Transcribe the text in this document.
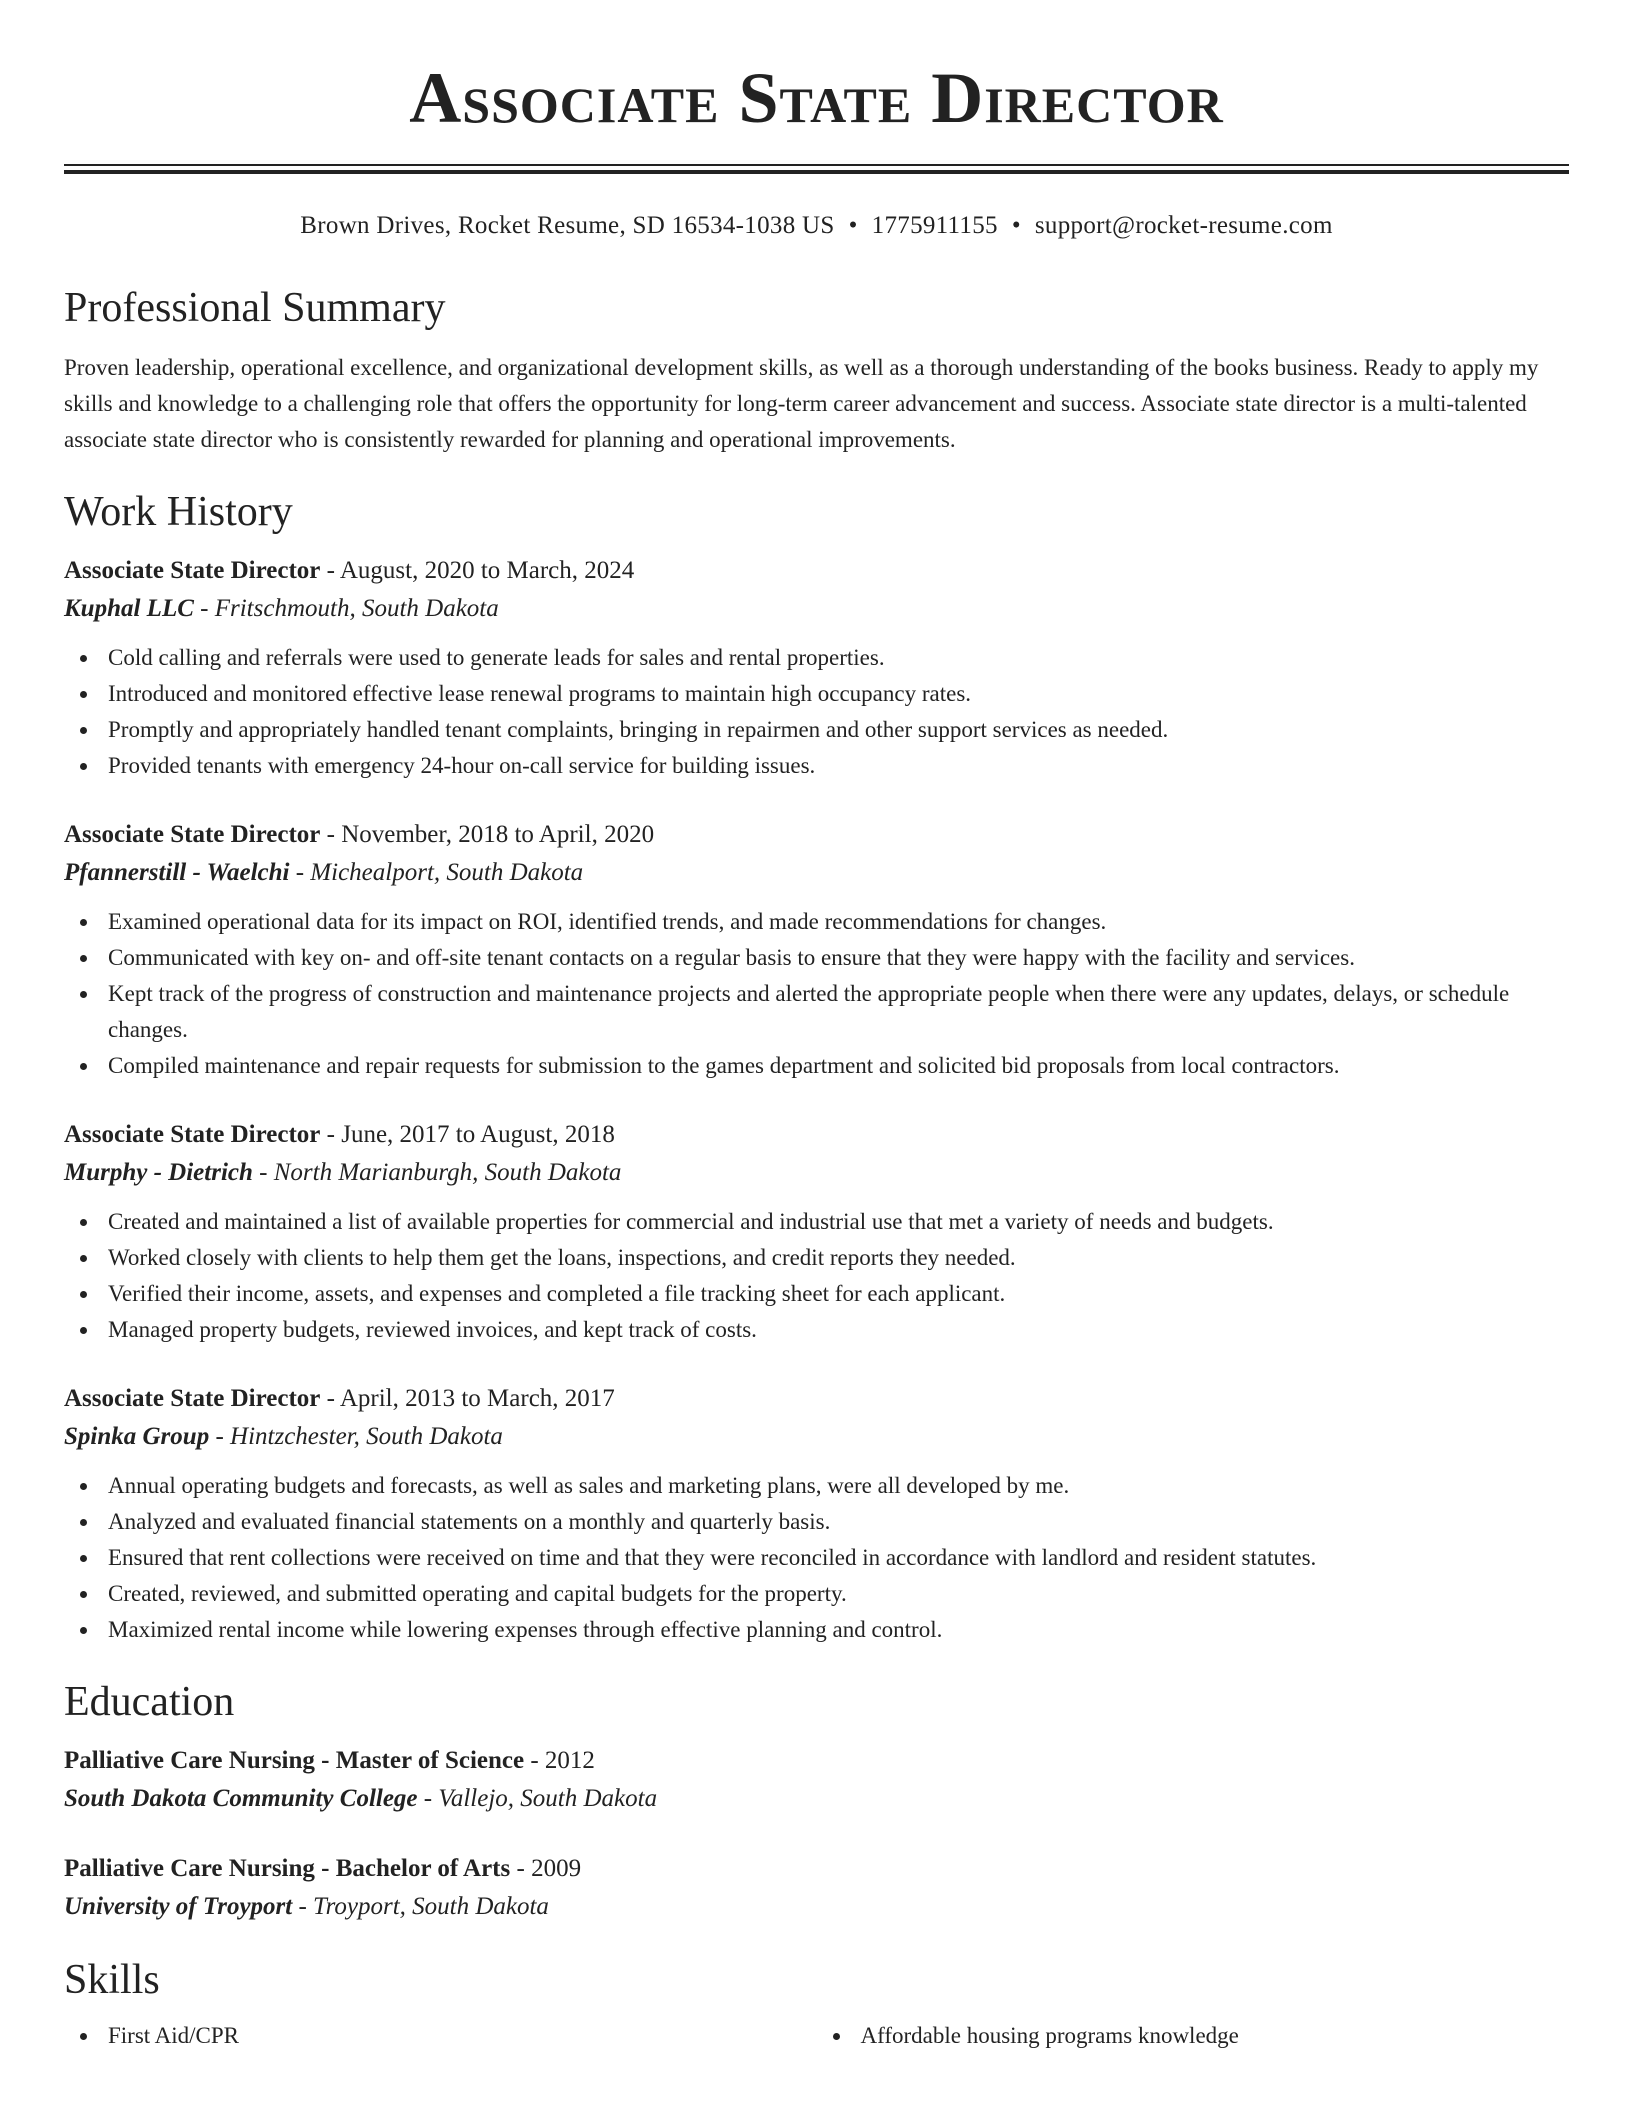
Associate State Director
Brown Drives, Rocket Resume, SD 16534-1038 US • 1775911155 • support@rocket-resume.com
Professional Summary

Proven leadership, operational excellence, and organizational development skills, as well as a thorough understanding of the books business. Ready to apply my skills and knowledge to a challenging role that offers the opportunity for long-term career advancement and success. Associate state director is a multi-talented associate state director who is consistently rewarded for planning and operational improvements.

Work History
Associate State Director - August, 2020 to March, 2024
Kuphal LLC - Fritschmouth, South Dakota
Cold calling and referrals were used to generate leads for sales and rental properties.
Introduced and monitored effective lease renewal programs to maintain high occupancy rates.
Promptly and appropriately handled tenant complaints, bringing in repairmen and other support services as needed.
Provided tenants with emergency 24-hour on-call service for building issues.
Associate State Director - November, 2018 to April, 2020
Pfannerstill - Waelchi - Michealport, South Dakota
Examined operational data for its impact on ROI, identified trends, and made recommendations for changes.
Communicated with key on- and off-site tenant contacts on a regular basis to ensure that they were happy with the facility and services.
Kept track of the progress of construction and maintenance projects and alerted the appropriate people when there were any updates, delays, or schedule changes.
Compiled maintenance and repair requests for submission to the games department and solicited bid proposals from local contractors.
Associate State Director - June, 2017 to August, 2018
Murphy - Dietrich - North Marianburgh, South Dakota
Created and maintained a list of available properties for commercial and industrial use that met a variety of needs and budgets.
Worked closely with clients to help them get the loans, inspections, and credit reports they needed.
Verified their income, assets, and expenses and completed a file tracking sheet for each applicant.
Managed property budgets, reviewed invoices, and kept track of costs.
Associate State Director - April, 2013 to March, 2017
Spinka Group - Hintzchester, South Dakota
Annual operating budgets and forecasts, as well as sales and marketing plans, were all developed by me.
Analyzed and evaluated financial statements on a monthly and quarterly basis.
Ensured that rent collections were received on time and that they were reconciled in accordance with landlord and resident statutes.
Created, reviewed, and submitted operating and capital budgets for the property.
Maximized rental income while lowering expenses through effective planning and control.
Education
Palliative Care Nursing - Master of Science - 2012
South Dakota Community College - Vallejo, South Dakota
Palliative Care Nursing - Bachelor of Arts - 2009
University of Troyport - Troyport, South Dakota
Skills
First Aid/CPR	Affordable housing programs knowledge
